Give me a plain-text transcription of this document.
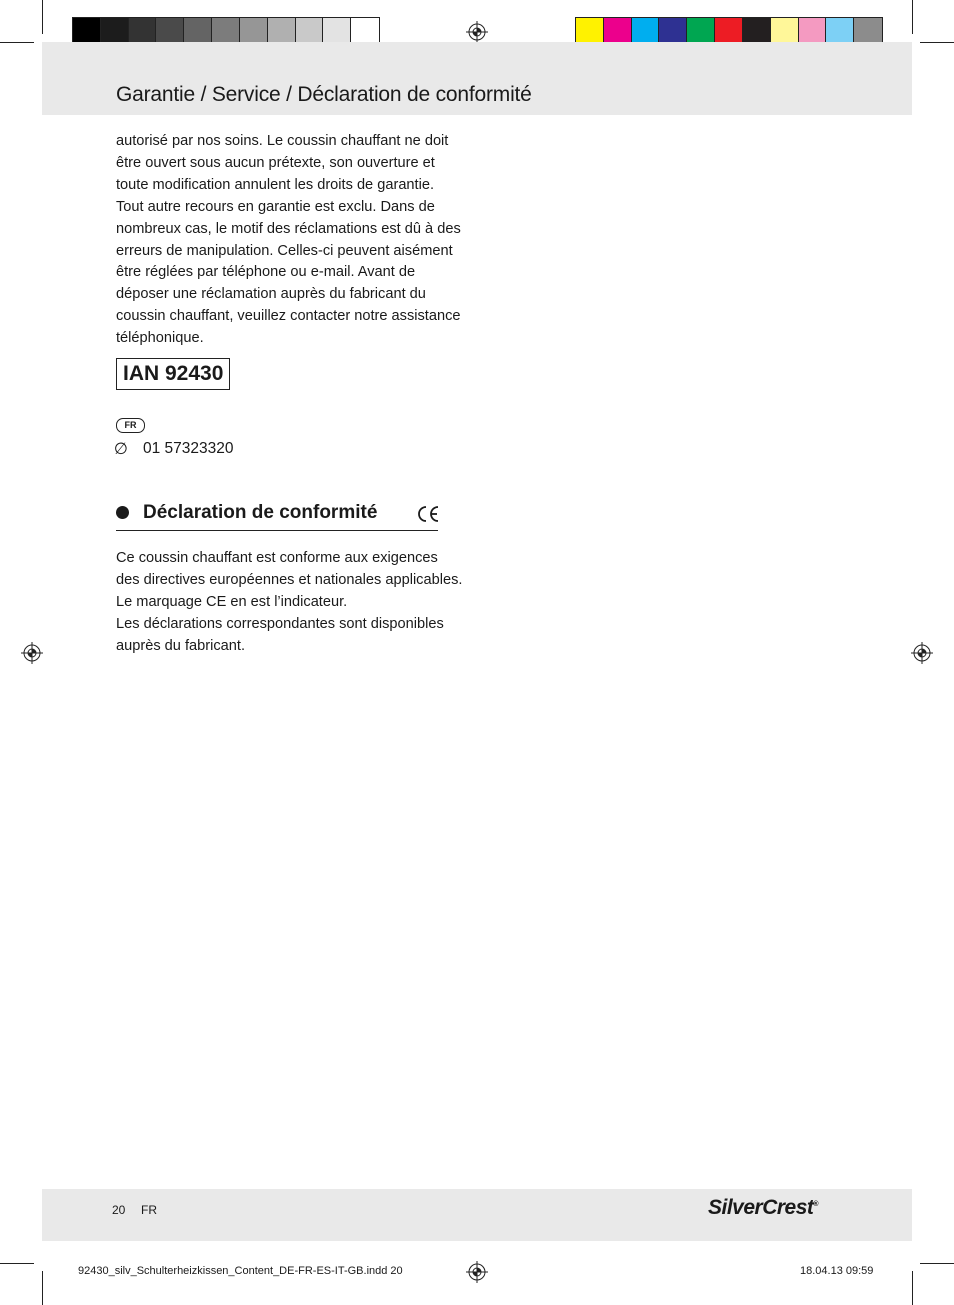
Garantie / Service / Déclaration de conformité
autorisé par nos soins. Le coussin chauffant ne doit
être ouvert sous aucun prétexte, son ouverture et
toute modification annulent les droits de garantie.
Tout autre recours en garantie est exclu. Dans de
nombreux cas, le motif des réclamations est dû à des
erreurs de manipulation. Celles-ci peuvent aisément
être réglées par téléphone ou e-mail. Avant de
déposer une réclamation auprès du fabricant du
coussin chauffant, veuillez contacter notre assistance
téléphonique.
IAN 92430
FR
∅ 01 57323320
Déclaration de conformité
Ce coussin chauffant est conforme aux exigences
des directives européennes et nationales applicables.
Le marquage CE en est l’indicateur.
Les déclarations correspondantes sont disponibles
auprès du fabricant.
20 FR	SilverCrest®
92430_silv_Schulterheizkissen_Content_DE-FR-ES-IT-GB.indd 20	18.04.13 09:59
